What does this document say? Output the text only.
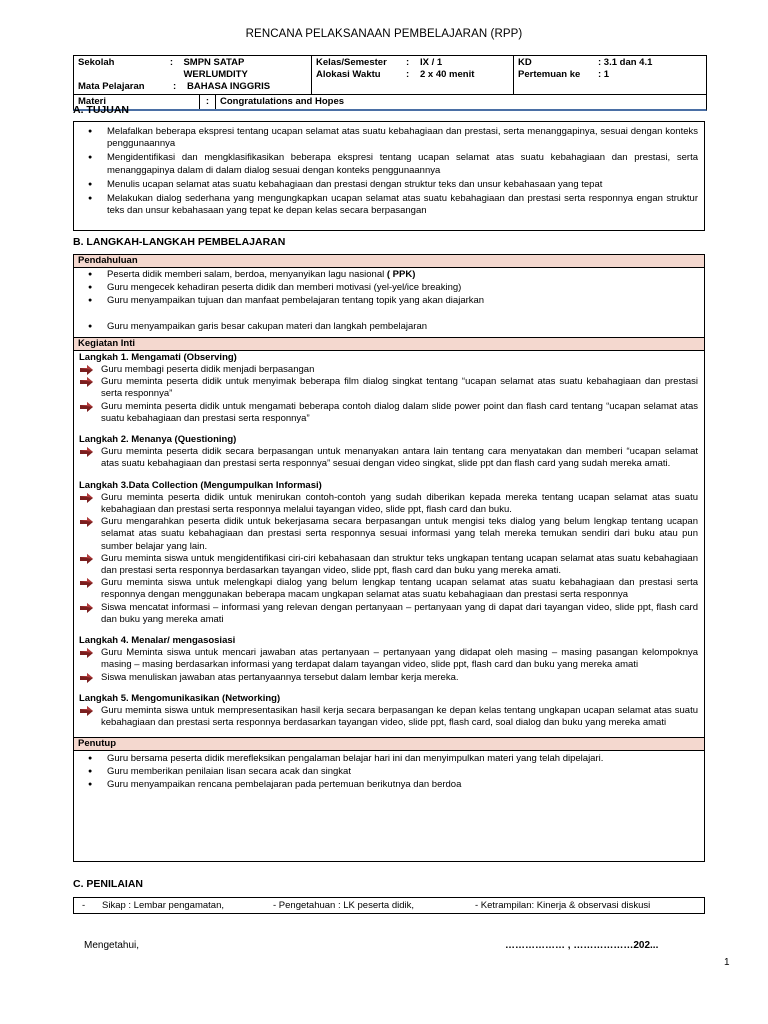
RENCANA PELAKSANAAN PEMBELAJARAN (RPP)
Sekolah	:	SMPN SATAP WERLUMDITY
Mata Pelajaran	:	BAHASA INGGRIS
Kelas/Semester	:	IX / 1
Alokasi Waktu	:	2 x 40 menit
KD	: 3.1 dan 4.1
Pertemuan ke	: 1
Materi	:	Congratulations and Hopes
A. TUJUAN
● Melafalkan beberapa ekspresi tentang ucapan selamat atas suatu kebahagiaan dan prestasi, serta menanggapinya, sesuai dengan konteks penggunaannya
● Mengidentifikasi dan mengklasifikasikan beberapa ekspresi tentang ucapan selamat atas suatu kebahagiaan dan prestasi, serta menanggapinya dalam di dalam dialog sesuai dengan konteks penggunaannya
● Menulis ucapan selamat atas suatu kebahagiaan dan prestasi dengan struktur teks dan unsur kebahasaan yang tepat
● Melakukan dialog sederhana yang mengungkapkan ucapan selamat atas suatu kebahagiaan dan prestasi serta responnya engan struktur teks dan unsur kebahasaan yang tepat ke depan kelas secara berpasangan
B. LANGKAH-LANGKAH PEMBELAJARAN
Pendahuluan
● Peserta didik memberi salam, berdoa, menyanyikan lagu nasional ( PPK)
● Guru mengecek kehadiran peserta didik dan memberi motivasi (yel-yel/ice breaking)
● Guru menyampaikan tujuan dan manfaat pembelajaran tentang topik yang akan diajarkan
● Guru menyampaikan garis besar cakupan materi dan langkah pembelajaran
Kegiatan Inti
Langkah 1. Mengamati (Observing)
Guru membagi peserta didik menjadi berpasangan
Guru meminta peserta didik untuk menyimak beberapa film dialog singkat tentang “ucapan selamat atas suatu kebahagiaan dan prestasi serta responnya”
Guru meminta peserta didik untuk mengamati beberapa contoh dialog dalam slide power point dan flash card tentang “ucapan selamat atas suatu kebahagiaan dan prestasi serta responnya”
Langkah 2. Menanya (Questioning)
Guru meminta peserta didik secara berpasangan untuk menanyakan antara lain tentang cara menyatakan dan memberi “ucapan selamat atas suatu kebahagiaan dan prestasi serta responnya” sesuai dengan video singkat, slide ppt dan flash card yang sudah mereka amati.
Langkah 3.Data Collection (Mengumpulkan Informasi)
Guru meminta peserta didik untuk menirukan contoh-contoh yang sudah diberikan kepada mereka tentang ucapan selamat atas suatu kebahagiaan dan prestasi serta responnya melalui tayangan video, slide ppt, flash card dan buku.
Guru mengarahkan peserta didik untuk bekerjasama secara berpasangan untuk mengisi teks dialog yang belum lengkap tentang ucapan selamat atas suatu kebahagiaan dan prestasi serta responnya sesuai informasi yang telah mereka temukan sendiri dari buku atau pun sumber belajar yang lain.
Guru meminta siswa untuk mengidentifikasi ciri-ciri kebahasaan dan struktur teks ungkapan tentang ucapan selamat atas suatu kebahagiaan dan prestasi serta responnya berdasarkan tayangan video, slide ppt, flash card dan buku yang mereka amati.
Guru meminta siswa untuk melengkapi dialog yang belum lengkap tentang ucapan selamat atas suatu kebahagiaan dan prestasi serta responnya dengan menggunakan beberapa macam ungkapan selamat atas suatu kebahagiaan dan prestasi serta responnya
Siswa mencatat informasi – informasi yang relevan dengan pertanyaan – pertanyaan yang di dapat dari tayangan video, slide ppt, flash card dan buku yang mereka amati
Langkah 4. Menalar/ mengasosiasi
Guru Meminta siswa untuk mencari jawaban atas pertanyaan – pertanyaan yang didapat oleh masing – masing pasangan kelompoknya masing – masing berdasarkan informasi yang terdapat dalam tayangan video, slide ppt, flash card dan buku yang mereka amati
Siswa menuliskan jawaban atas pertanyaannya tersebut dalam lembar kerja mereka.
Langkah 5. Mengomunikasikan (Networking)
Guru meminta siswa untuk mempresentasikan hasil kerja secara berpasangan ke depan kelas tentang ungkapan ucapan selamat atas suatu kebahagiaan dan prestasi serta responnya berdasarkan tayangan video, slide ppt, flash card, soal dialog dan buku yang mereka amati
Penutup
● Guru bersama peserta didik merefleksikan pengalaman belajar hari ini dan menyimpulkan materi yang telah dipelajari.
● Guru memberikan penilaian lisan secara acak dan singkat
● Guru menyampaikan rencana pembelajaran pada pertemuan berikutnya dan berdoa
C. PENILAIAN
- Sikap : Lembar pengamatan,	- Pengetahuan : LK peserta didik,	- Ketrampilan: Kinerja & observasi diskusi
Mengetahui,	……………… , ………………202...
1
